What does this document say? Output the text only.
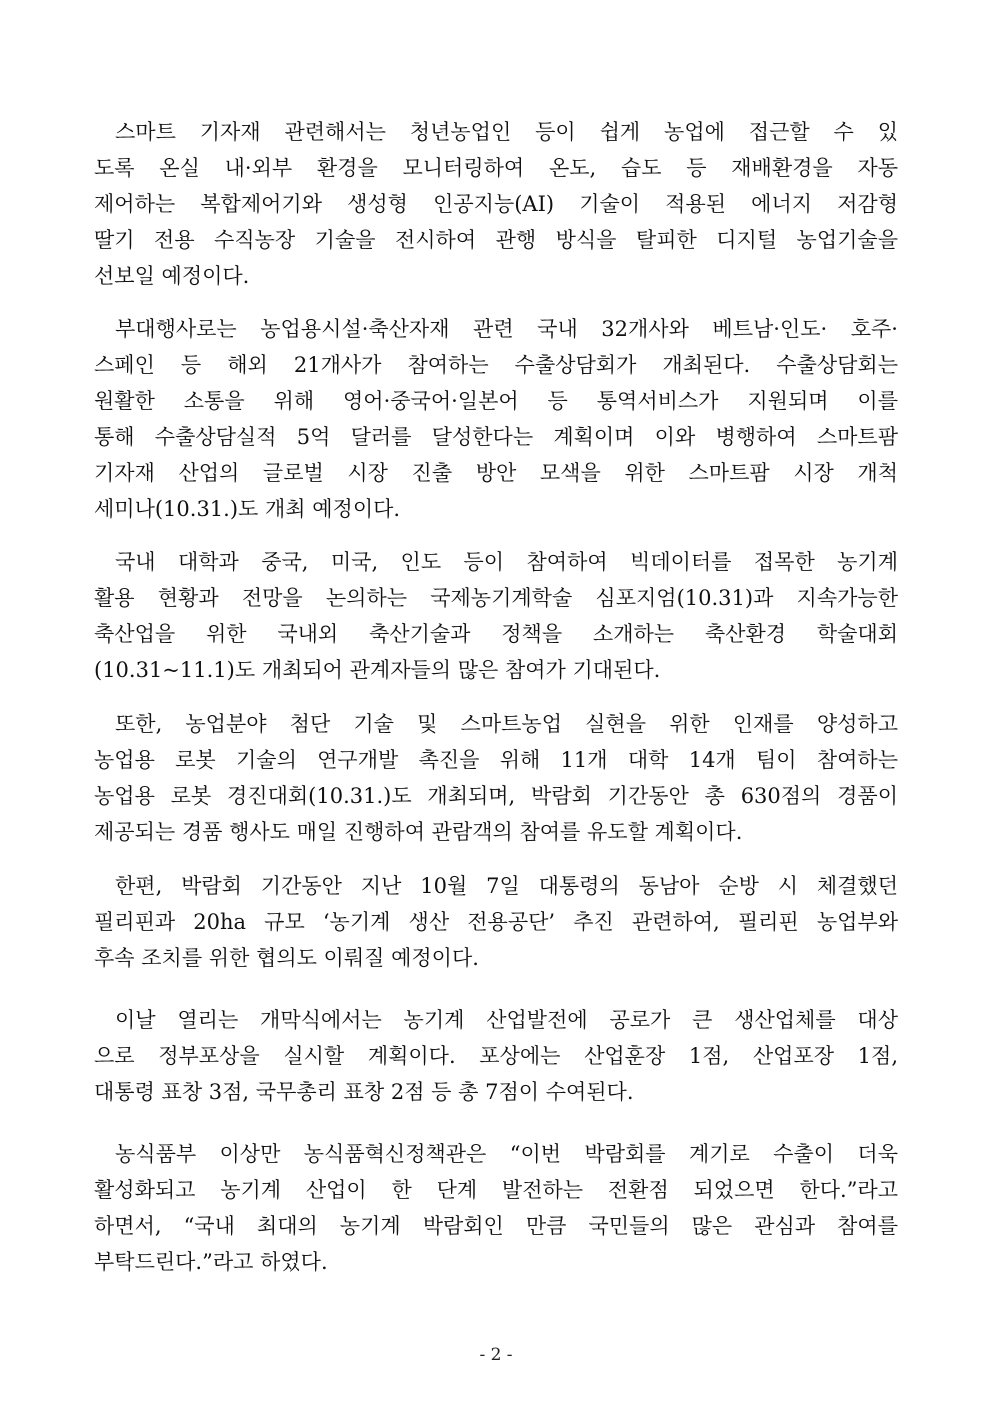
스마트 기자재 관련해서는 청년농업인 등이 쉽게 농업에 접근할 수 있
도록 온실 내·외부 환경을 모니터링하여 온도, 습도 등 재배환경을 자동
제어하는 복합제어기와 생성형 인공지능(AI) 기술이 적용된 에너지 저감형
딸기 전용 수직농장 기술을 전시하여 관행 방식을 탈피한 디지털 농업기술을
선보일 예정이다.
부대행사로는 농업용시설·축산자재 관련 국내 32개사와 베트남·인도· 호주·
스페인 등 해외 21개사가 참여하는 수출상담회가 개최된다. 수출상담회는
원활한 소통을 위해 영어·중국어·일본어 등 통역서비스가 지원되며 이를
통해 수출상담실적 5억 달러를 달성한다는 계획이며 이와 병행하여 스마트팜
기자재 산업의 글로벌 시장 진출 방안 모색을 위한 스마트팜 시장 개척
세미나(10.31.)도 개최 예정이다.
국내 대학과 중국, 미국, 인도 등이 참여하여 빅데이터를 접목한 농기계
활용 현황과 전망을 논의하는 국제농기계학술 심포지엄(10.31)과 지속가능한
축산업을 위한 국내외 축산기술과 정책을 소개하는 축산환경 학술대회
(10.31~11.1)도 개최되어 관계자들의 많은 참여가 기대된다.
또한, 농업분야 첨단 기술 및 스마트농업 실현을 위한 인재를 양성하고
농업용 로봇 기술의 연구개발 촉진을 위해 11개 대학 14개 팀이 참여하는
농업용 로봇 경진대회(10.31.)도 개최되며, 박람회 기간동안 총 630점의 경품이
제공되는 경품 행사도 매일 진행하여 관람객의 참여를 유도할 계획이다.
한편, 박람회 기간동안 지난 10월 7일 대통령의 동남아 순방 시 체결했던
필리핀과 20ha 규모 ‘농기계 생산 전용공단’ 추진 관련하여, 필리핀 농업부와
후속 조치를 위한 협의도 이뤄질 예정이다.
이날 열리는 개막식에서는 농기계 산업발전에 공로가 큰 생산업체를 대상
으로 정부포상을 실시할 계획이다. 포상에는 산업훈장 1점, 산업포장 1점,
대통령 표창 3점, 국무총리 표창 2점 등 총 7점이 수여된다.
농식품부 이상만 농식품혁신정책관은 “이번 박람회를 계기로 수출이 더욱
활성화되고 농기계 산업이 한 단계 발전하는 전환점 되었으면 한다.”라고
하면서, “국내 최대의 농기계 박람회인 만큼 국민들의 많은 관심과 참여를
부탁드린다.”라고 하였다.
- 2 -
